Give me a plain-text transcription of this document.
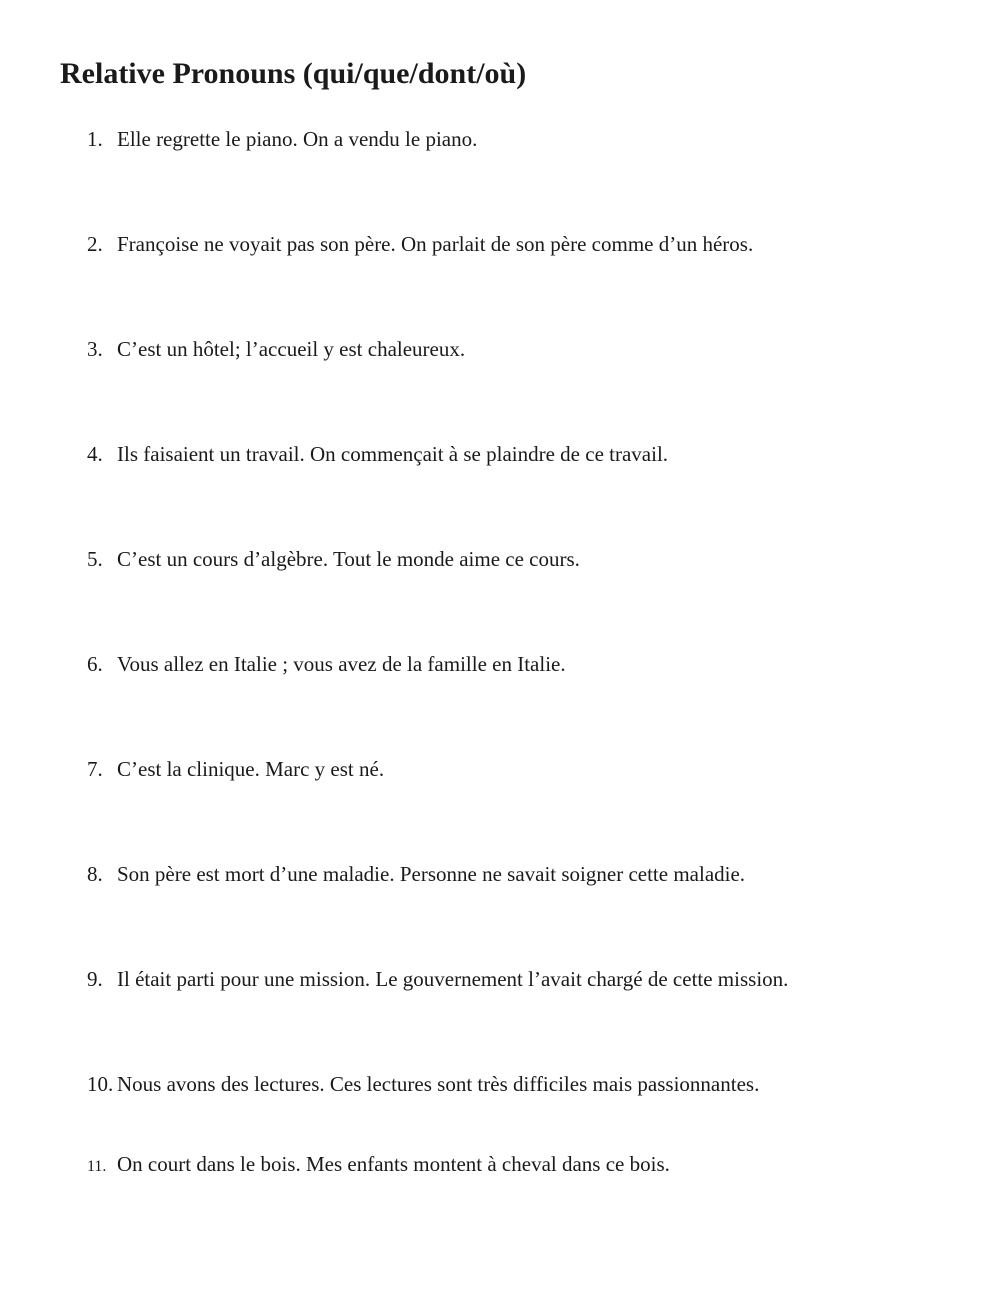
Relative Pronouns (qui/que/dont/où)
1. Elle regrette le piano. On a vendu le piano.
2. Françoise ne voyait pas son père. On parlait de son père comme d’un héros.
3. C’est un hôtel; l’accueil y est chaleureux.
4. Ils faisaient un travail. On commençait à se plaindre de ce travail.
5. C’est un cours d’algèbre. Tout le monde aime ce cours.
6. Vous allez en Italie ; vous avez de la famille en Italie.
7. C’est la clinique. Marc y est né.
8. Son père est mort d’une maladie. Personne ne savait soigner cette maladie.
9. Il était parti pour une mission. Le gouvernement l’avait chargé de cette mission.
10. Nous avons des lectures. Ces lectures sont très difficiles mais passionnantes.
11. On court dans le bois. Mes enfants montent à cheval dans ce bois.
